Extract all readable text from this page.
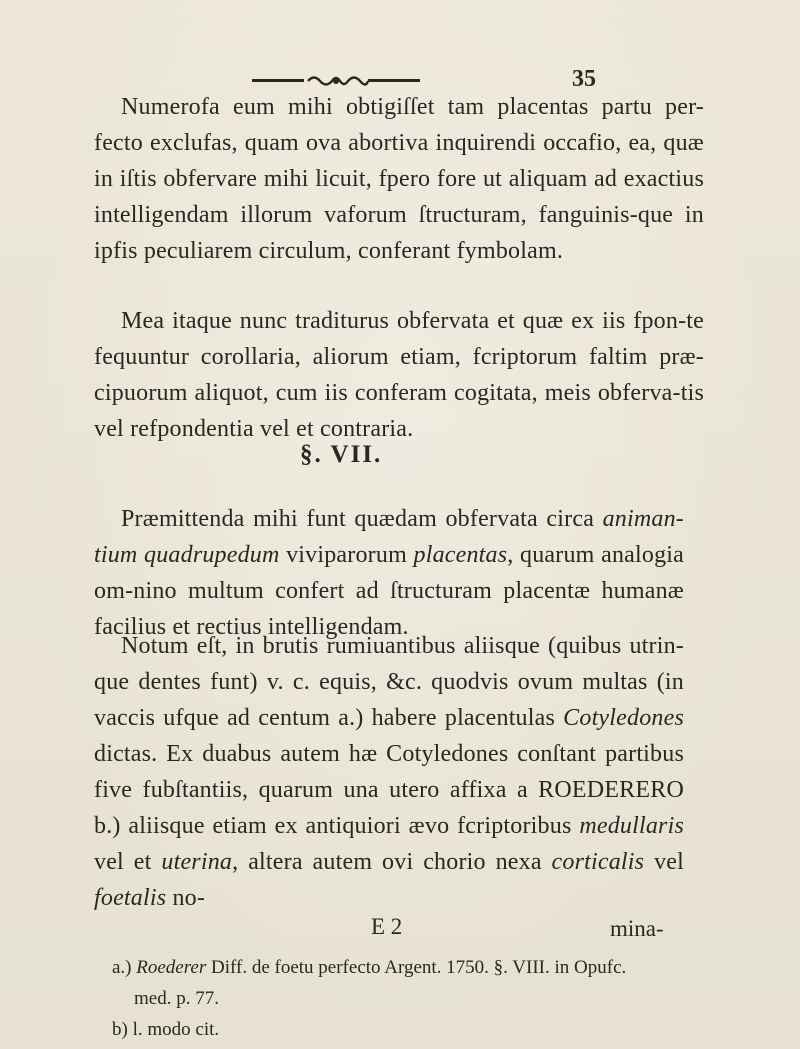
35

Numerofa eum mihi obtigiſſet tam placentas partu per-fecto exclufas, quam ova abortiva inquirendi occafio, ea, quæ in iſtis obfervare mihi licuit, fpero fore ut aliquam ad exactius intelligendam illorum vaforum ſtructuram, fanguinis-que in ipfis peculiarem circulum, conferant fymbolam.

Mea itaque nunc traditurus obfervata et quæ ex iis fpon-te fequuntur corollaria, aliorum etiam, fcriptorum faltim præ-cipuorum aliquot, cum iis conferam cogitata, meis obferva-tis vel refpondentia vel et contraria.

§. VII.

Præmittenda mihi funt quædam obfervata circa animan-tium quadrupedum viviparorum placentas, quarum analogia om-nino multum confert ad ſtructuram placentæ humanæ facilius et rectius intelligendam.

Notum eſt, in brutis rumiuantibus aliisque (quibus utrin-que dentes funt) v. c. equis, &c. quodvis ovum multas (in vaccis ufque ad centum a.) habere placentulas Cotyledones dictas. Ex duabus autem hæ Cotyledones conſtant partibus five fubſtantiis, quarum una utero affixa a ROEDERERO b.) aliisque etiam ex antiquiori ævo fcriptoribus medullaris vel et uterina, altera autem ovi chorio nexa corticalis vel foetalis no-

E 2	mina-
a.) Roederer Diff. de foetu perfecto Argent. 1750. §. VIII. in Opufc.
med. p. 77.
b) l. modo cit.
